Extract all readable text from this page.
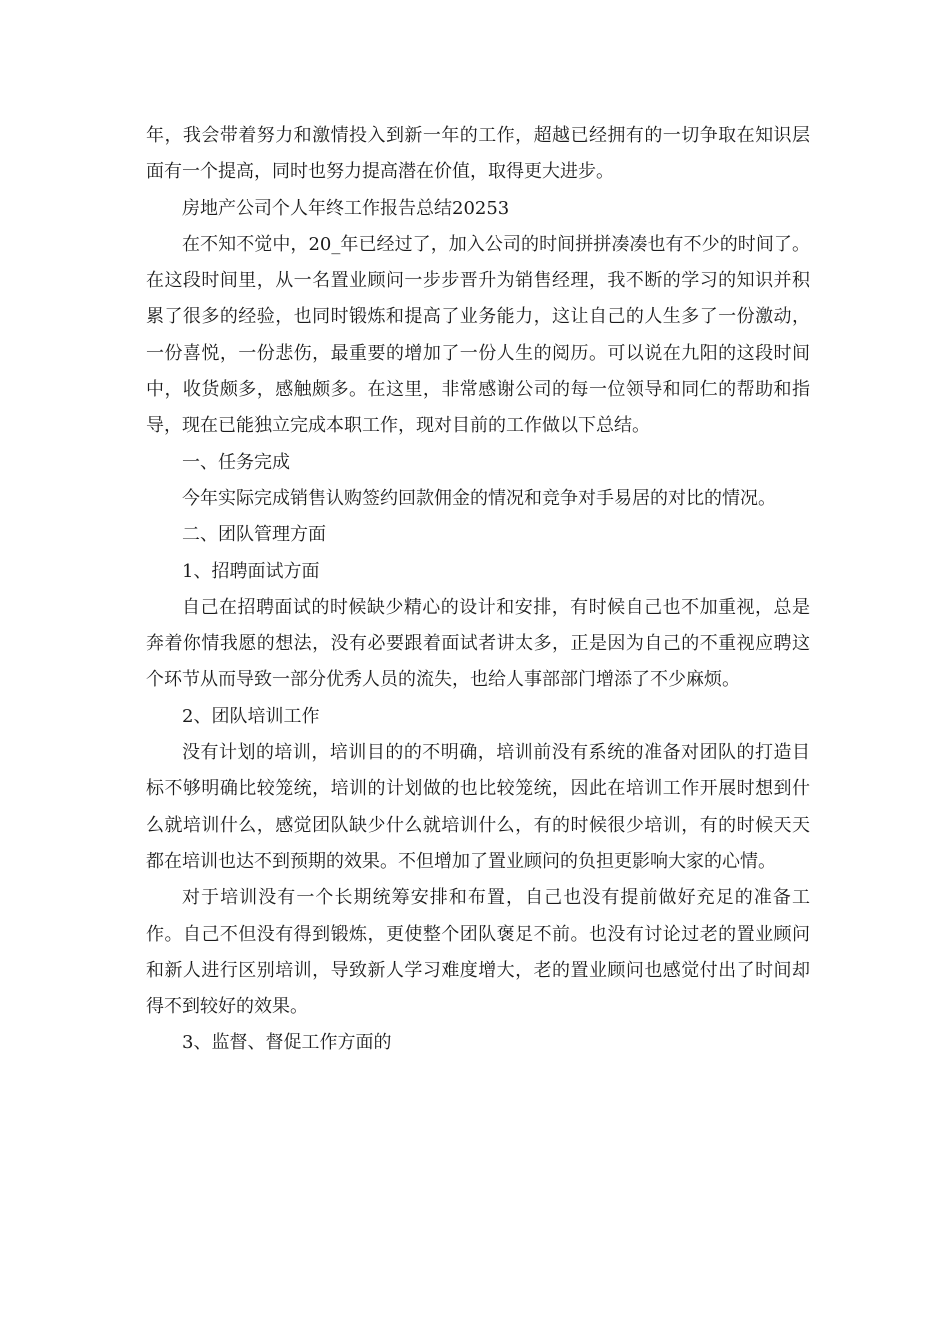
年，我会带着努力和激情投入到新一年的工作，超越已经拥有的一切争取在知识层面有一个提高，同时也努力提高潜在价值，取得更大进步。

房地产公司个人年终工作报告总结20253

在不知不觉中，20_年已经过了，加入公司的时间拼拼凑凑也有不少的时间了。在这段时间里，从一名置业顾问一步步晋升为销售经理，我不断的学习的知识并积累了很多的经验，也同时锻炼和提高了业务能力，这让自己的人生多了一份激动，一份喜悦，一份悲伤，最重要的增加了一份人生的阅历。可以说在九阳的这段时间中，收货颇多，感触颇多。在这里，非常感谢公司的每一位领导和同仁的帮助和指导，现在已能独立完成本职工作，现对目前的工作做以下总结。

一、任务完成

今年实际完成销售认购签约回款佣金的情况和竞争对手易居的对比的情况。

二、团队管理方面

1、招聘面试方面

自己在招聘面试的时候缺少精心的设计和安排，有时候自己也不加重视，总是奔着你情我愿的想法，没有必要跟着面试者讲太多，正是因为自己的不重视应聘这个环节从而导致一部分优秀人员的流失，也给人事部部门增添了不少麻烦。

2、团队培训工作

没有计划的培训，培训目的的不明确，培训前没有系统的准备对团队的打造目标不够明确比较笼统，培训的计划做的也比较笼统，因此在培训工作开展时想到什么就培训什么，感觉团队缺少什么就培训什么，有的时候很少培训，有的时候天天都在培训也达不到预期的效果。不但增加了置业顾问的负担更影响大家的心情。

对于培训没有一个长期统筹安排和布置，自己也没有提前做好充足的准备工作。自己不但没有得到锻炼，更使整个团队褒足不前。也没有讨论过老的置业顾问和新人进行区别培训，导致新人学习难度增大，老的置业顾问也感觉付出了时间却得不到较好的效果。

3、监督、督促工作方面的
